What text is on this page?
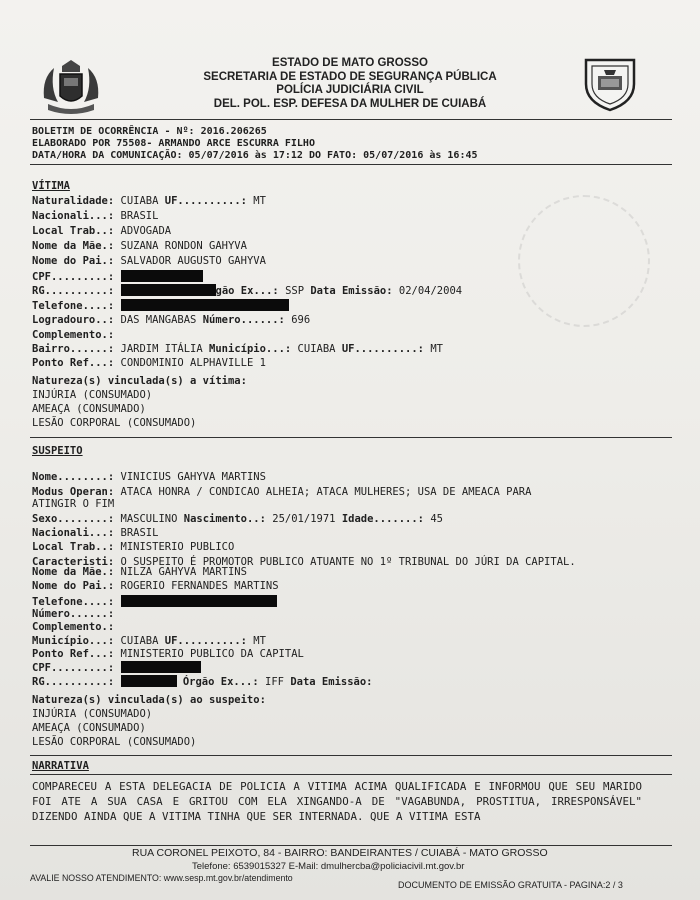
ESTADO DE MATO GROSSO
SECRETARIA DE ESTADO DE SEGURANÇA PÚBLICA
POLÍCIA JUDICIÁRIA CIVIL
DEL. POL. ESP. DEFESA DA MULHER DE CUIABÁ
BOLETIM DE OCORRÊNCIA - Nº: 2016.206265
ELABORADO POR 75508- ARMANDO ARCE ESCURRA FILHO
DATA/HORA DA COMUNICAÇÃO: 05/07/2016 às 17:12 DO FATO: 05/07/2016 às 16:45
VÍTIMA
Naturalidade: CUIABA UF..........: MT
Nacionali...: BRASIL
Local Trab..: ADVOGADA
Nome da Mãe.: SUZANA RONDON GAHYVA
Nome do Pai.: SALVADOR AUGUSTO GAHYVA
CPF.........:
RG..........:	gão Ex...: SSP Data Emissão: 02/04/2004
Telefone....:
Logradouro..: DAS MANGABAS Número......: 696
Complemento.:
Bairro......: JARDIM ITÁLIA Município...: CUIABA UF..........: MT
Ponto Ref...: CONDOMINIO ALPHAVILLE 1
Natureza(s) vinculada(s) a vítima:
INJÚRIA (CONSUMADO)
AMEAÇA (CONSUMADO)
LESÃO CORPORAL (CONSUMADO)
SUSPEITO
Nome........: VINICIUS GAHYVA MARTINS
Modus Operan: ATACA HONRA / CONDICAO ALHEIA; ATACA MULHERES; USA DE AMEACA PARA
ATINGIR O FIM
Sexo........: MASCULINO Nascimento..: 25/01/1971 Idade.......: 45
Nacionali...: BRASIL
Local Trab..: MINISTERIO PUBLICO
Caracteristi: O SUSPEITO É PROMOTOR PUBLICO ATUANTE NO 1º TRIBUNAL DO JÚRI DA CAPITAL.
Nome da Mãe.: NILZA GAHYVA MARTINS
Nome do Pai.: ROGERIO FERNANDES MARTINS
Telefone....:
Número......:
Complemento.:
Município...: CUIABA UF..........: MT
Ponto Ref...: MINISTERIO PUBLICO DA CAPITAL
CPF.........:
RG..........:	Órgão Ex...: IFF Data Emissão:
Natureza(s) vinculada(s) ao suspeito:
INJÚRIA (CONSUMADO)
AMEAÇA (CONSUMADO)
LESÃO CORPORAL (CONSUMADO)
NARRATIVA
COMPARECEU A ESTA DELEGACIA DE POLICIA A VITIMA ACIMA QUALIFICADA E INFORMOU QUE SEU MARIDO FOI ATE A SUA CASA E GRITOU COM ELA XINGANDO-A DE "VAGABUNDA, PROSTITUA, IRRESPONSÁVEL" DIZENDO AINDA QUE A VITIMA TINHA QUE SER INTERNADA. QUE A VITIMA ESTA
RUA CORONEL PEIXOTO, 84 - BAIRRO: BANDEIRANTES / CUIABÁ - MATO GROSSO
Telefone: 6539015327 E-Mail: dmulhercba@policiacivil.mt.gov.br
AVALIE NOSSO ATENDIMENTO: www.sesp.mt.gov.br/atendimento
DOCUMENTO DE EMISSÃO GRATUITA - PAGINA:2 / 3
